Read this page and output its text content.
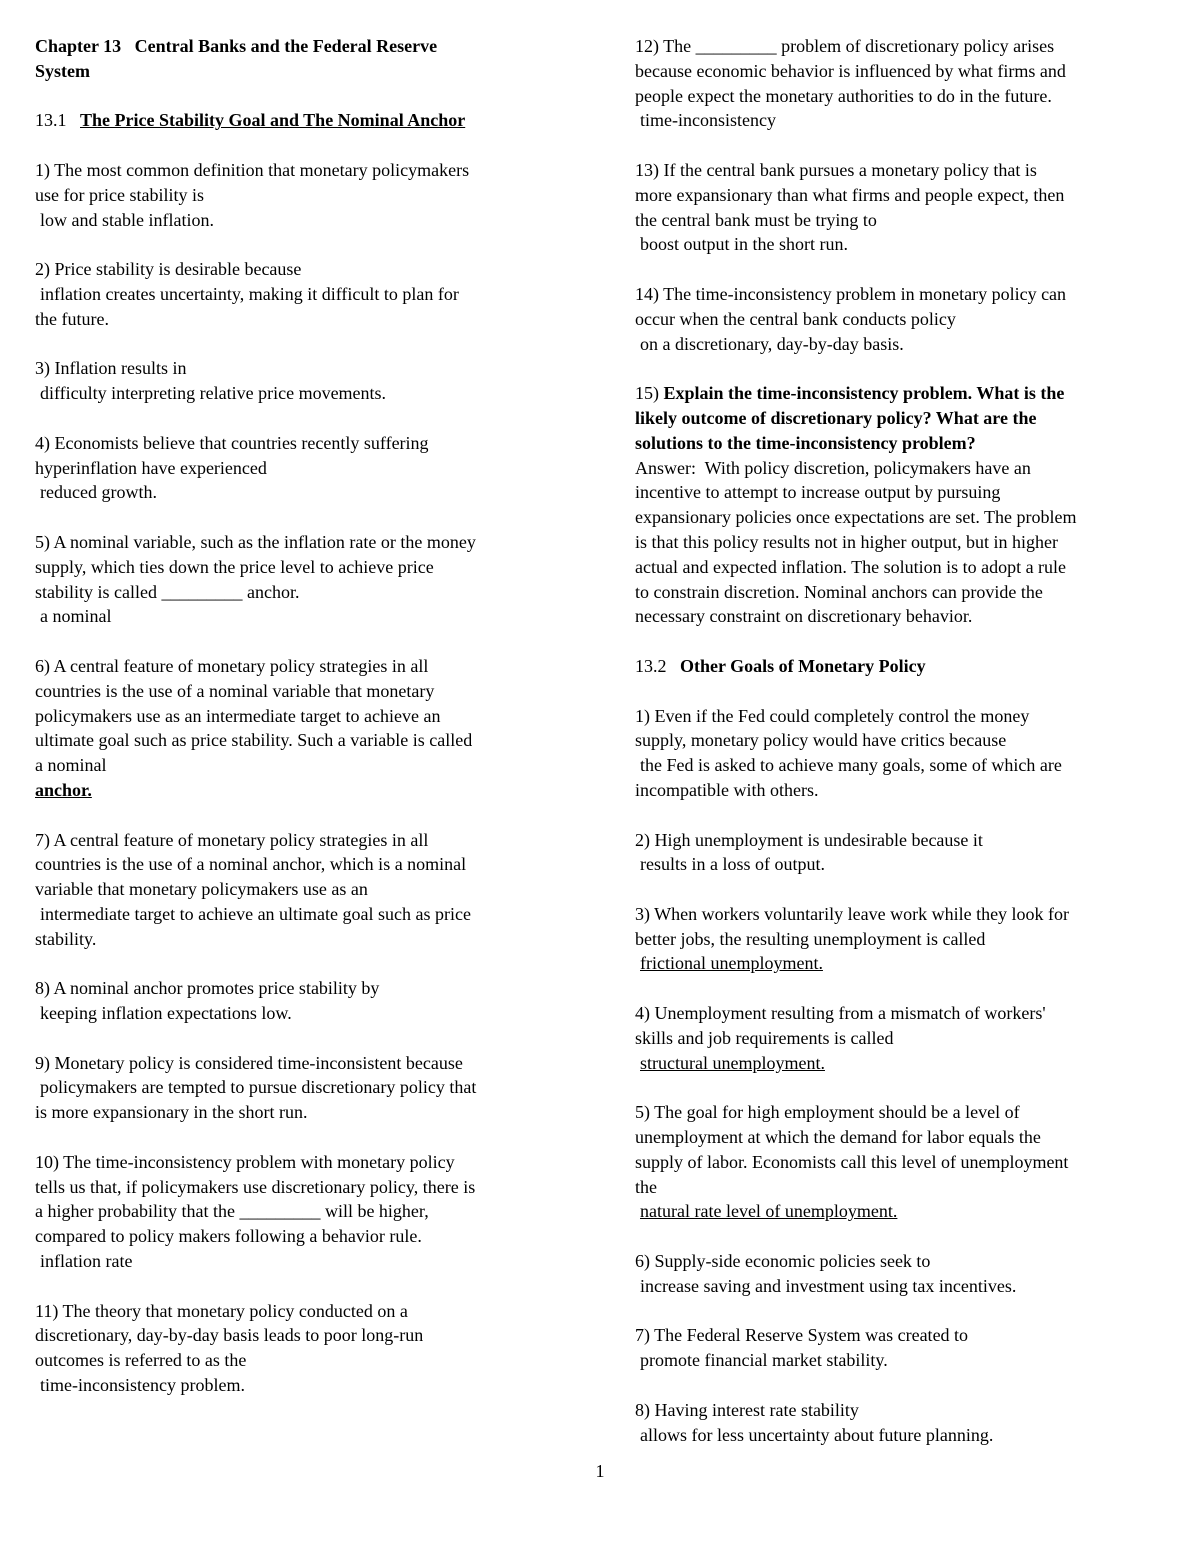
Chapter 13   Central Banks and the Federal Reserve
System

13.1 The Price Stability Goal and The Nominal Anchor

1) The most common definition that monetary policymakers
use for price stability is
low and stable inflation.

2) Price stability is desirable because
inflation creates uncertainty, making it difficult to plan for
the future.

3) Inflation results in
difficulty interpreting relative price movements.

4) Economists believe that countries recently suffering
hyperinflation have experienced
reduced growth.

5) A nominal variable, such as the inflation rate or the money
supply, which ties down the price level to achieve price
stability is called _________ anchor.
a nominal

6) A central feature of monetary policy strategies in all
countries is the use of a nominal variable that monetary
policymakers use as an intermediate target to achieve an
ultimate goal such as price stability. Such a variable is called
a nominal
anchor.

7) A central feature of monetary policy strategies in all
countries is the use of a nominal anchor, which is a nominal
variable that monetary policymakers use as an
intermediate target to achieve an ultimate goal such as price
stability.

8) A nominal anchor promotes price stability by
keeping inflation expectations low.

9) Monetary policy is considered time-inconsistent because
policymakers are tempted to pursue discretionary policy that
is more expansionary in the short run.

10) The time-inconsistency problem with monetary policy
tells us that, if policymakers use discretionary policy, there is
a higher probability that the _________ will be higher,
compared to policy makers following a behavior rule.
inflation rate

11) The theory that monetary policy conducted on a
discretionary, day-by-day basis leads to poor long-run
outcomes is referred to as the
time-inconsistency problem.

12) The _________ problem of discretionary policy arises
because economic behavior is influenced by what firms and
people expect the monetary authorities to do in the future.
time-inconsistency

13) If the central bank pursues a monetary policy that is
more expansionary than what firms and people expect, then
the central bank must be trying to
boost output in the short run.

14) The time-inconsistency problem in monetary policy can
occur when the central bank conducts policy
on a discretionary, day-by-day basis.

15) Explain the time-inconsistency problem. What is the
likely outcome of discretionary policy? What are the
solutions to the time-inconsistency problem?
Answer:  With policy discretion, policymakers have an
incentive to attempt to increase output by pursuing
expansionary policies once expectations are set. The problem
is that this policy results not in higher output, but in higher
actual and expected inflation. The solution is to adopt a rule
to constrain discretion. Nominal anchors can provide the
necessary constraint on discretionary behavior.

13.2 Other Goals of Monetary Policy

1) Even if the Fed could completely control the money
supply, monetary policy would have critics because
the Fed is asked to achieve many goals, some of which are
incompatible with others.

2) High unemployment is undesirable because it
results in a loss of output.

3) When workers voluntarily leave work while they look for
better jobs, the resulting unemployment is called
frictional unemployment.

4) Unemployment resulting from a mismatch of workers'
skills and job requirements is called
structural unemployment.

5) The goal for high employment should be a level of
unemployment at which the demand for labor equals the
supply of labor. Economists call this level of unemployment
the
natural rate level of unemployment.

6) Supply-side economic policies seek to
increase saving and investment using tax incentives.

7) The Federal Reserve System was created to
promote financial market stability.

8) Having interest rate stability
allows for less uncertainty about future planning.

1
